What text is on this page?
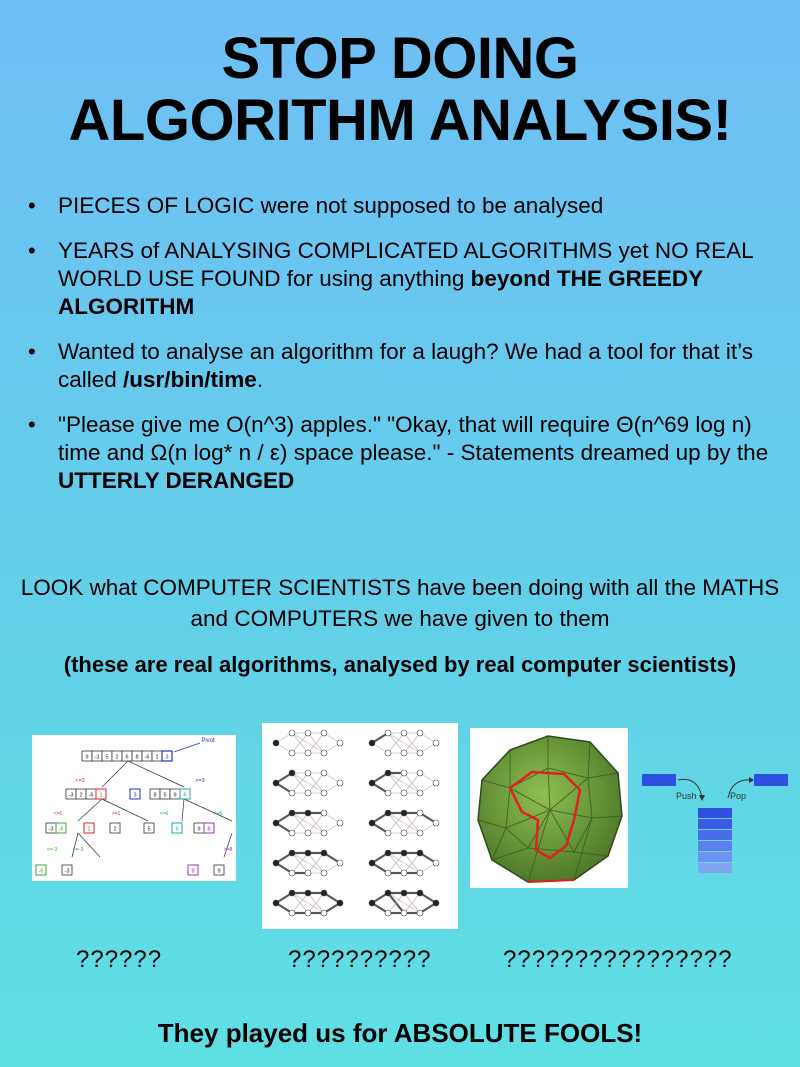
STOP DOING
ALGORITHM ANALYSIS!
• PIECES OF LOGIC were not supposed to be analysed
• YEARS of ANALYSING COMPLICATED ALGORITHMS yet NO REAL WORLD USE FOUND for using anything beyond THE GREEDY ALGORITHM
• Wanted to analyse an algorithm for a laugh? We had a tool for that it’s called /usr/bin/time.
• "Please give me O(n^3) apples." "Okay, that will require Θ(n^69 log n) time and Ω(n log* n / ε) space please." - Statements dreamed up by the UTTERLY DERANGED
LOOK what COMPUTER SCIENTISTS have been doing with all the MATHS and COMPUTERS we have given to them
(these are real algorithms, analysed by real computer scientists)
9 -3 5 2 6 8 -6 1 3
Pivot
<=3	>=3
-3 2 -6 1	3	8 5 9 6
<=1	>=1	<=6	>=6
-3 -6	1	2	5	6	9 8
<=-3	>=-3	>=8
-6	-3	8	9
Push	Pop
??????	??????????	????????????????
They played us for ABSOLUTE FOOLS!
